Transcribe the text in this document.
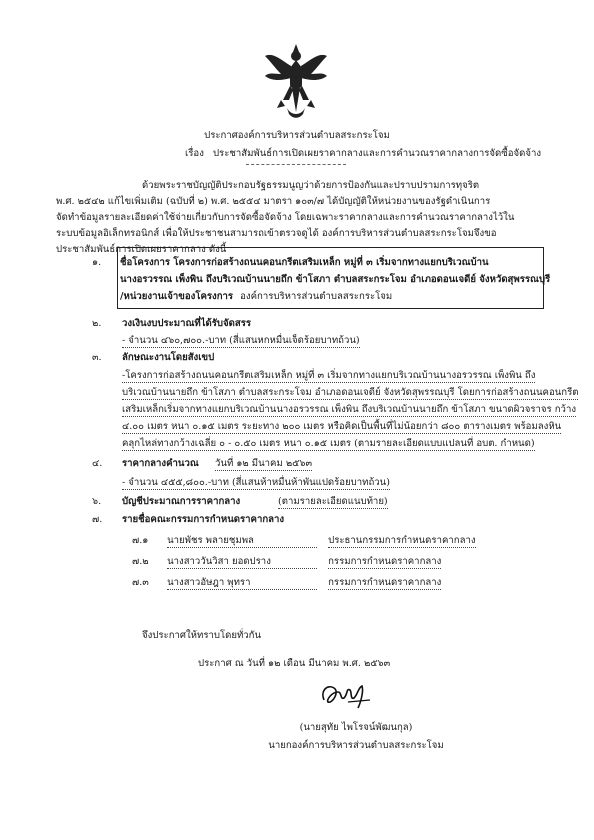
ประกาศองค์การบริหารส่วนตำบลสระกระโจม
เรื่อง ประชาสัมพันธ์การเปิดเผยราคากลางและการคำนวณราคากลางการจัดซื้อจัดจ้าง
ด้วยพระราชบัญญัติประกอบรัฐธรรมนูญว่าด้วยการป้องกันและปราบปรามการทุจริต
พ.ศ. ๒๕๔๒ แก้ไขเพิ่มเติม (ฉบับที่ ๒) พ.ศ. ๒๕๕๔ มาตรา ๑๐๓/๗ ได้บัญญัติให้หน่วยงานของรัฐดำเนินการ
จัดทำข้อมูลรายละเอียดค่าใช้จ่ายเกี่ยวกับการจัดซื้อจัดจ้าง โดยเฉพาะราคากลางและการคำนวณราคากลางไว้ใน
ระบบข้อมูลอิเล็กทรอนิกส์ เพื่อให้ประชาชนสามารถเข้าตรวจดูได้ องค์การบริหารส่วนตำบลสระกระโจมจึงขอ
ประชาสัมพันธ์การเปิดเผยราคากลาง ดังนี้
๑. ชื่อโครงการ โครงการก่อสร้างถนนคอนกรีตเสริมเหล็ก หมู่ที่ ๓ เริ่มจากทางแยกบริเวณบ้าน
นางอรวรรณ เพ็งพิน ถึงบริเวณบ้านนายถึก ข้าโสภา ตำบลสระกระโจม อำเภอดอนเจดีย์ จังหวัดสุพรรณบุรี
/หน่วยงานเจ้าของโครงการ องค์การบริหารส่วนตำบลสระกระโจม
๒. วงเงินงบประมาณที่ได้รับจัดสรร
- จำนวน ๔๖๐,๗๐๐.-บาท (สี่แสนหกหมื่นเจ็ดร้อยบาทถ้วน)
๓. ลักษณะงานโดยสังเขป
-โครงการก่อสร้างถนนคอนกรีตเสริมเหล็ก หมู่ที่ ๓ เริ่มจากทางแยกบริเวณบ้านนางอรวรรณ เพ็งพิน ถึง
บริเวณบ้านนายถึก ข้าโสภา ตำบลสระกระโจม อำเภอดอนเจดีย์ จังหวัดสุพรรณบุรี โดยการก่อสร้างถนนคอนกรีต
เสริมเหล็กเริ่มจากทางแยกบริเวณบ้านนางอรวรรณ เพ็งพิน ถึงบริเวณบ้านนายถึก ข้าโสภา ขนาดผิวจราจร กว้าง
๔.๐๐ เมตร หนา ๐.๑๕ เมตร ระยะทาง ๒๐๐ เมตร หรือคิดเป็นพื้นที่ไม่น้อยกว่า ๘๐๐ ตารางเมตร พร้อมลงหิน
คลุกไหล่ทางกว้างเฉลี่ย ๐ - ๐.๕๐ เมตร หนา ๐.๑๕ เมตร (ตามรายละเอียดแบบแปลนที่ อบต. กำหนด)
๔. ราคากลางคำนวณ วันที่ ๑๒ มีนาคม ๒๕๖๓
- จำนวน ๔๕๕,๘๐๐.-บาท (สี่แสนห้าหมื่นห้าพันแปดร้อยบาทถ้วน)
๖. บัญชีประมาณการราคากลาง	(ตามรายละเอียดแนบท้าย)
๗. รายชื่อคณะกรรมการกำหนดราคากลาง
๗.๑ นายพัชร พลายชุมพล	ประธานกรรมการกำหนดราคากลาง
๗.๒ นางสาววันวิสา ยอดปราง	กรรมการกำหนดราคากลาง
๗.๓ นางสาวอัษฎา พุทรา	กรรมการกำหนดราคากลาง
จึงประกาศให้ทราบโดยทั่วกัน
ประกาศ ณ วันที่ ๑๒ เดือน มีนาคม พ.ศ. ๒๕๖๓
(นายสุทัย ไพโรจน์พัฒนกุล)
นายกองค์การบริหารส่วนตำบลสระกระโจม
